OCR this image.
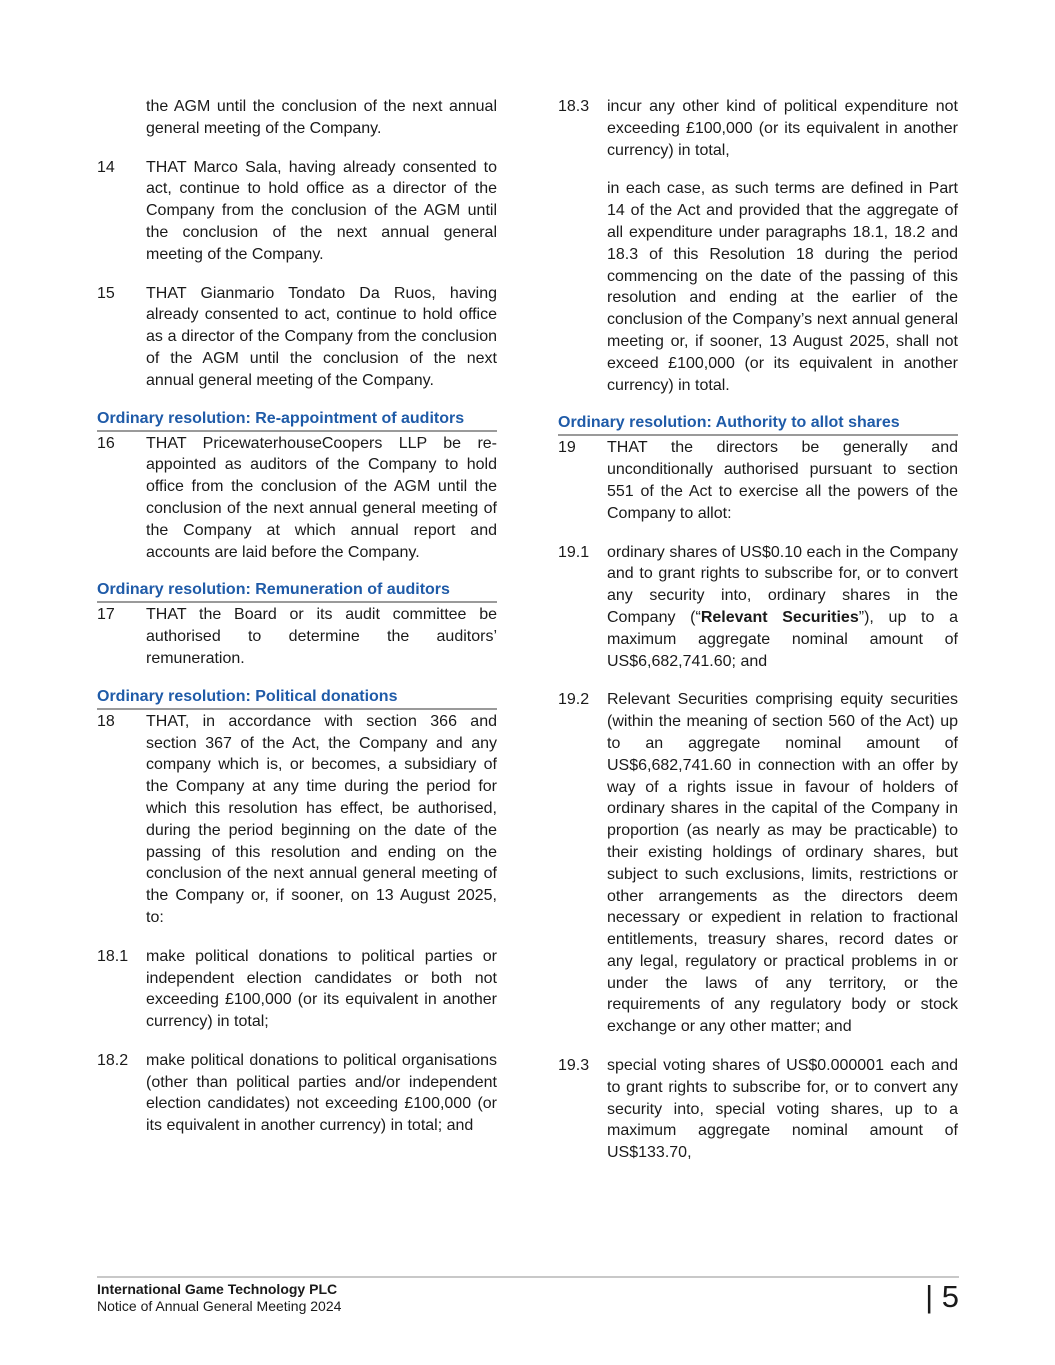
the AGM until the conclusion of the next annual general meeting of the Company.
14	THAT Marco Sala, having already consented to act, continue to hold office as a director of the Company from the conclusion of the AGM until the conclusion of the next annual general meeting of the Company.
15	THAT Gianmario Tondato Da Ruos, having already consented to act, continue to hold office as a director of the Company from the conclusion of the AGM until the conclusion of the next annual general meeting of the Company.
Ordinary resolution: Re-appointment of auditors
16	THAT PricewaterhouseCoopers LLP be re-appointed as auditors of the Company to hold office from the conclusion of the AGM until the conclusion of the next annual general meeting of the Company at which annual report and accounts are laid before the Company.
Ordinary resolution: Remuneration of auditors
17	THAT the Board or its audit committee be authorised to determine the auditors’ remuneration.
Ordinary resolution: Political donations
18	THAT, in accordance with section 366 and section 367 of the Act, the Company and any company which is, or becomes, a subsidiary of the Company at any time during the period for which this resolution has effect, be authorised, during the period beginning on the date of the passing of this resolution and ending on the conclusion of the next annual general meeting of the Company or, if sooner, on 13 August 2025, to:
18.1	make political donations to political parties or independent election candidates or both not exceeding £100,000 (or its equivalent in another currency) in total;
18.2	make political donations to political organisations (other than political parties and/or independent election candidates) not exceeding £100,000 (or its equivalent in another currency) in total; and
18.3	incur any other kind of political expenditure not exceeding £100,000 (or its equivalent in another currency) in total,
in each case, as such terms are defined in Part 14 of the Act and provided that the aggregate of all expenditure under paragraphs 18.1, 18.2 and 18.3 of this Resolution 18 during the period commencing on the date of the passing of this resolution and ending at the earlier of the conclusion of the Company’s next annual general meeting or, if sooner, 13 August 2025, shall not exceed £100,000 (or its equivalent in another currency) in total.
Ordinary resolution: Authority to allot shares
19	THAT the directors be generally and unconditionally authorised pursuant to section 551 of the Act to exercise all the powers of the Company to allot:
19.1	ordinary shares of US$0.10 each in the Company and to grant rights to subscribe for, or to convert any security into, ordinary shares in the Company (“Relevant Securities”), up to a maximum aggregate nominal amount of US$6,682,741.60; and
19.2	Relevant Securities comprising equity securities (within the meaning of section 560 of the Act) up to an aggregate nominal amount of US$6,682,741.60 in connection with an offer by way of a rights issue in favour of holders of ordinary shares in the capital of the Company in proportion (as nearly as may be practicable) to their existing holdings of ordinary shares, but subject to such exclusions, limits, restrictions or other arrangements as the directors deem necessary or expedient in relation to fractional entitlements, treasury shares, record dates or any legal, regulatory or practical problems in or under the laws of any territory, or the requirements of any regulatory body or stock exchange or any other matter; and
19.3	special voting shares of US$0.000001 each and to grant rights to subscribe for, or to convert any security into, special voting shares, up to a maximum aggregate nominal amount of US$133.70,
International Game Technology PLC
Notice of Annual General Meeting 2024	| 5
